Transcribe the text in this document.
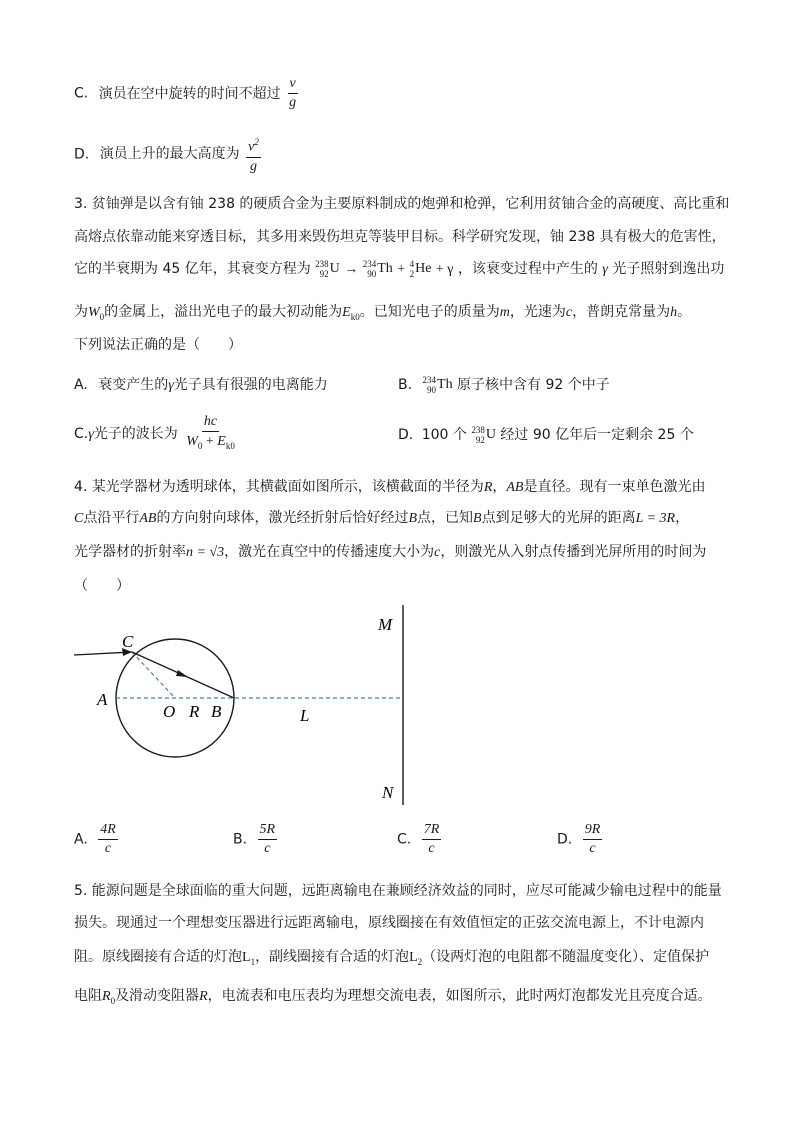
C. 演员在空中旋转的时间不超过 $\frac{v}{g}$
D. 演员上升的最大高度为 $\frac{v^2}{g}$
3. 贫铀弹是以含有铀 238 的硬质合金为主要原料制成的炮弹和枪弹，它利用贫铀合金的高硬度、高比重和
高熔点依靠动能来穿透目标，其多用来毁伤坦克等装甲目标。科学研究发现，铀 238 具有极大的危害性，
它的半衰期为 45 亿年，其衰变方程为 238
92 U → 234
90 Th + 4
2 He + γ ，该衰变过程中产生的 γ 光子照射到逸出功
为$W_0$的金属上，溢出光电子的最大初动能为$E_{k0}$。已知光电子的质量为m，光速为c，普朗克常量为h。
下列说法正确的是（　　）
A. 衰变产生的γ光子具有很强的电离能力	B. 234
90 Th 原子核中含有 92 个中子
C.γ光子的波长为 $\frac{hc}{W_0 + E_{k0}}$	D. 100 个 238
92 U 经过 90 亿年后一定剩余 25 个
4. 某光学器材为透明球体，其横截面如图所示，该横截面的半径为R，AB是直径。现有一束单色激光由
C点沿平行AB的方向射向球体，激光经折射后恰好经过B点，已知B点到足够大的光屏的距离L = 3R，
光学器材的折射率n = √3，激光在真空中的传播速度大小为c，则激光从入射点传播到光屏所用的时间为
（　　）
C
A
O R B	L
M
N
A. $\frac{4R}{c}$	B. $\frac{5R}{c}$	C. $\frac{7R}{c}$	D. $\frac{9R}{c}$
5. 能源问题是全球面临的重大问题，远距离输电在兼顾经济效益的同时，应尽可能减少输电过程中的能量
损失。现通过一个理想变压器进行远距离输电，原线圈接在有效值恒定的正弦交流电源上，不计电源内
阻。原线圈接有合适的灯泡$L_1$，副线圈接有合适的灯泡$L_2$（设两灯泡的电阻都不随温度变化）、定值保护
电阻$R_0$及滑动变阻器R，电流表和电压表均为理想交流电表，如图所示，此时两灯泡都发光且亮度合适。
